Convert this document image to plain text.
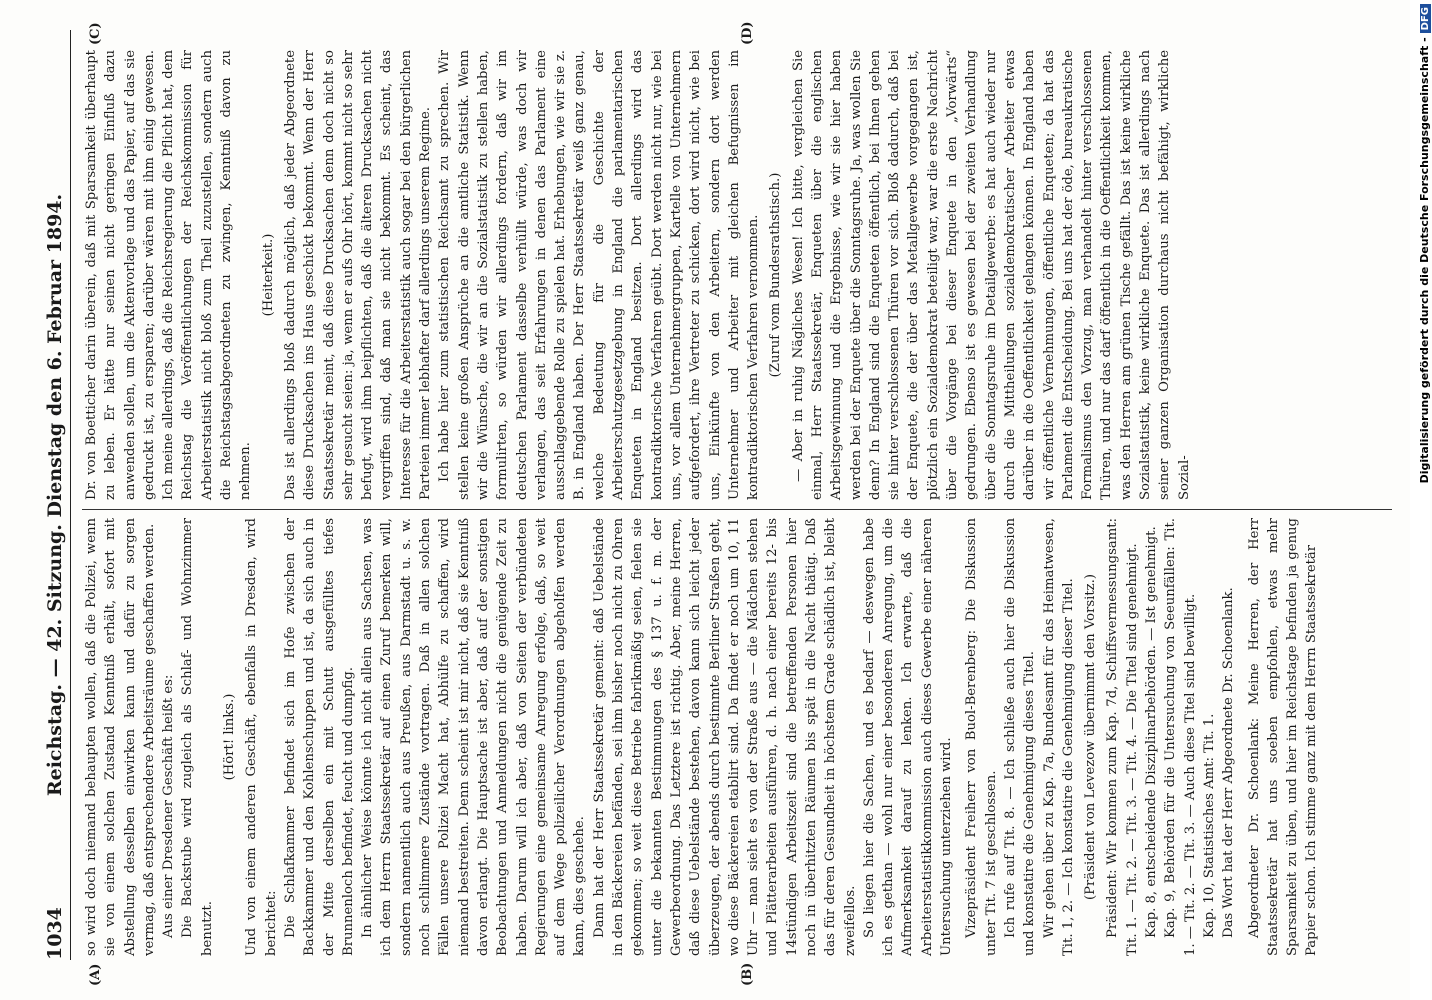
1034
Reichstag. — 42. Sitzung. Dienstag den 6. Februar 1894.
(A)	(B)
(C)	(D)

so wird doch niemand behaupten wollen, daß die Polizei, wenn sie von einem solchen Zustand Kenntniß erhält, sofort mit Abstellung desselben einwirken kann und dafür zu sorgen vermag, daß entsprechendere Arbeitsräume geschaffen werden. Aus einer Dresdener Geschäft heißt es: Die Backstube wird zugleich als Schlaf- und Wohnzimmer benutzt.

(Hört! links.) Und von einem anderen Geschäft, ebenfalls in Dresden, wird berichtet: Die Schlafkammer befindet sich im Hofe zwischen der Backkammer und den Kohlenschuppen und ist, da sich auch in der Mitte derselben ein mit Schutt ausgefülltes tiefes Brunnenloch befindet, feucht und dumpfig. In ähnlicher Weise könnte ich nicht allein aus Sachsen, was ich dem Herrn Staatssekretär auf einen Zuruf bemerken will, sondern namentlich auch aus Preußen, aus Darmstadt u. s. w. noch schlimmere Zustände vortragen. Daß in allen solchen Fällen unsere Polizei Macht hat, Abhülfe zu schaffen, wird niemand bestreiten. Denn scheint ist mir nicht, daß sie Kenntniß davon erlangt. Die Hauptsache ist aber, daß auf der sonstigen Beobachtungen und Anmeldungen nicht die genügende Zeit zu haben. Darum will ich aber, daß von Seiten der verbündeten Regierungen eine gemeinsame Anregung erfolge, daß, so weit auf dem Wege polizeilicher Verordnungen abgeholfen werden kann, dies geschehe. Dann hat der Herr Staatssekretär gemeint: daß Uebelstände in den Bäckereien befänden, sei ihm bisher noch nicht zu Ohren gekommen; so weit diese Betriebe fabrikmäßig seien, fielen sie unter die bekannten Bestimmungen des § 137 u. f. m. der Gewerbeordnung. Das Letztere ist richtig. Aber, meine Herren, daß diese Uebelstände bestehen, davon kann sich leicht jeder überzeugen, der abends durch bestimmte Berliner Straßen geht, wo diese Bäckereien etablirt sind. Da findet er noch um 10, 11 Uhr — man sieht es von der Straße aus — die Mädchen stehen und Plätterarbeiten ausführen, d. h. nach einer bereits 12- bis 14stündigen Arbeitszeit sind die betreffenden Personen hier noch in überhitzten Räumen bis spät in die Nacht thätig. Daß das für deren Gesundheit in höchstem Grade schädlich ist, bleibt zweifellos. So liegen hier die Sachen, und es bedarf — deswegen habe ich es gethan — wohl nur einer besonderen Anregung, um die Aufmerksamkeit darauf zu lenken. Ich erwarte, daß die Arbeiterstatistikkommission auch dieses Gewerbe einer näheren Untersuchung unterziehen wird. Vizepräsident Freiherr von Buol-Berenberg: Die Diskussion unter Tit. 7 ist geschlossen. Ich rufe auf Tit. 8. — Ich schließe auch hier die Diskussion und konstatire die Genehmigung dieses Titel. Wir gehen über zu Kap. 7a, Bundesamt für das Heimatwesen, Tit. 1, 2. — Ich konstatire die Genehmigung dieser Titel. (Präsident von Levezow übernimmt den Vorsitz.) Präsident: Wir kommen zum Kap. 7d, Schiffsvermessungsamt: Tit. 1. — Tit. 2. — Tit. 3. — Tit. 4. — Die Titel sind genehmigt. Kap. 8, entscheidende Disziplinarbehörden. — Ist genehmigt. Kap. 9, Behörden für die Untersuchung von Seeunfällen: Tit. 1. — Tit. 2. — Tit. 3. — Auch diese Titel sind bewilligt. Kap. 10, Statistisches Amt: Tit. 1. Das Wort hat der Herr Abgeordnete Dr. Schoenlank. Abgeordneter Dr. Schoenlank: Meine Herren, der Herr Staatssekretär hat uns soeben empfohlen, etwas mehr Sparsamkeit zu üben, und hier im Reichstage befinden ja genug Papier schon. Ich stimme ganz mit dem Herrn Staatssekretär

Dr. von Boetticher darin überein, daß mit Sparsamkeit überhaupt zu leben. Er hätte nur seinen nicht geringen Einfluß dazu anwenden sollen, um die Aktenvorlage und das Papier, auf das sie gedruckt ist, zu ersparen; darüber wären mit ihm einig gewesen. Ich meine allerdings, daß die Reichsregierung die Pflicht hat, dem Reichstag die Veröffentlichungen der Reichskommission für Arbeiterstatistik nicht bloß zum Theil zuzustellen, sondern auch die Reichstagsabgeordneten zu zwingen, Kenntniß davon zu nehmen.

(Heiterkeit.) Das ist allerdings bloß dadurch möglich, daß jeder Abgeordnete diese Drucksachen ins Haus geschickt bekommt. Wenn der Herr Staatssekretär meint, daß diese Drucksachen denn doch nicht so sehr gesucht seien: ja, wenn er aufs Ohr hört, kommt nicht so sehr befugt, wird ihm beipflichten, daß die älteren Drucksachen nicht vergriffen sind, daß man sie nicht bekommt. Es scheint, das Interesse für die Arbeiterstatistik auch sogar bei den bürgerlichen Parteien immer lebhafter darf allerdings unserem Regime. Ich habe hier zum statistischen Reichsamt zu sprechen. Wir stellen keine großen Ansprüche an die amtliche Statistik. Wenn wir die Wünsche, die wir an die Sozialstatistik zu stellen haben, formulirten, so würden wir allerdings fordern, daß wir im deutschen Parlament dasselbe verhüllt würde, was doch wir verlangen, das seit Erfahrungen in denen das Parlament eine ausschlaggebende Rolle zu spielen hat. Erhebungen, wie wir sie z. B. in England haben. Der Herr Staatssekretär weiß ganz genau, welche Bedeutung für die Geschichte der Arbeiterschutzgesetzgebung in England die parlamentarischen Enqueten in England besitzen. Dort allerdings wird das kontradiktorische Verfahren geübt. Dort werden nicht nur, wie bei uns, vor allem Unternehmergruppen, Kartelle von Unternehmern aufgefordert, ihre Vertreter zu schicken, dort wird nicht, wie bei uns, Einkünfte von den Arbeitern, sondern dort werden Unternehmer und Arbeiter mit gleichen Befugnissen im kontradiktorischen Verfahren vernommen. (Zuruf vom Bundesrathstisch.) — Aber in ruhig Nägliches Wesen! Ich bitte, vergleichen Sie einmal, Herr Staatssekretär, Enqueten über die englischen Arbeitsgewinnung und die Ergebnisse, wie wir sie hier haben werden bei der Enquete über die Sonntagsruhe. Ja, was wollen Sie denn? In England sind die Enqueten öffentlich, bei Ihnen gehen sie hinter verschlossenen Thüren vor sich. Bloß dadurch, daß bei der Enquete, die der über das Metallgewerbe vorgegangen ist, plötzlich ein Sozialdemokrat beteiligt war, war die erste Nachricht über die Vorgänge bei dieser Enquete in den „Vorwärts“ gedrungen. Ebenso ist es gewesen bei der zweiten Verhandlung über die Sonntagsruhe im Detailgewerbe: es hat auch wieder nur durch die Mittheilungen sozialdemokratischer Arbeiter etwas darüber in die Oeffentlichkeit gelangen können. In England haben wir öffentliche Vernehmungen, öffentliche Enqueten; da hat das Parlament die Entscheidung. Bei uns hat der öde, bureaukratische Formalismus den Vorzug, man verhandelt hinter verschlossenen Thüren, und nur das darf öffentlich in die Oeffentlichkeit kommen, was den Herren am grünen Tische gefällt. Das ist keine wirkliche Sozialstatistik, keine wirkliche Enquete. Das ist allerdings nach seiner ganzen Organisation durchaus nicht befähigt, wirkliche Sozial-	Digitalisierung gefördert durch die Deutsche Forschungsgemeinschaft -DFG
